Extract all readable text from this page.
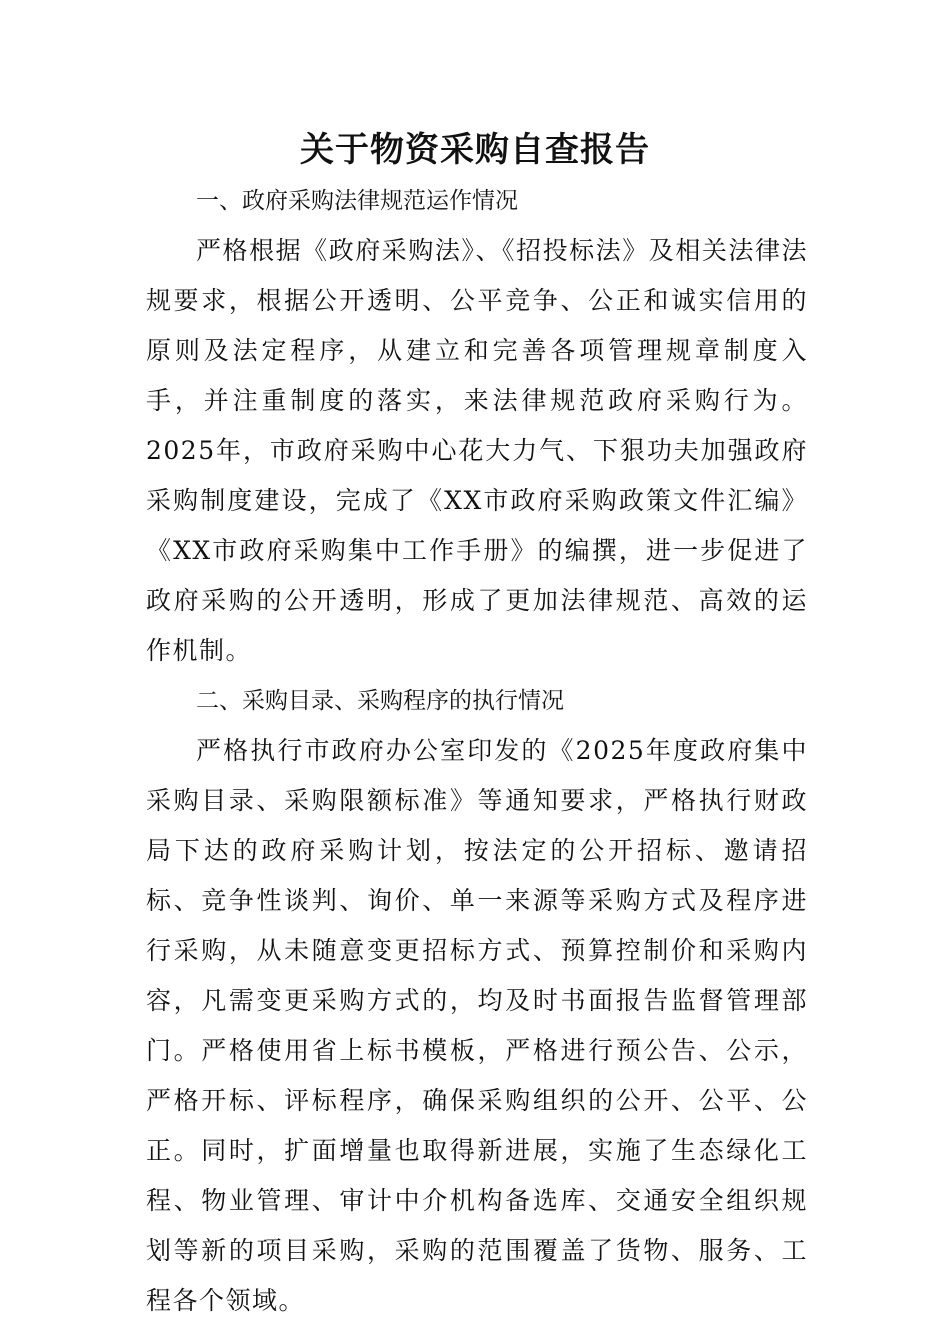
关于物资采购自查报告

一、政府采购法律规范运作情况

严格根据《政府采购法》、《招投标法》及相关法律法规要求，根据公开透明、公平竞争、公正和诚实信用的原则及法定程序，从建立和完善各项管理规章制度入手，并注重制度的落实，来法律规范政府采购行为。2025年，市政府采购中心花大力气、下狠功夫加强政府采购制度建设，完成了《XX市政府采购政策文件汇编》《XX市政府采购集中工作手册》的编撰，进一步促进了政府采购的公开透明，形成了更加法律规范、高效的运作机制。

二、采购目录、采购程序的执行情况

严格执行市政府办公室印发的《2025年度政府集中采购目录、采购限额标准》等通知要求，严格执行财政局下达的政府采购计划，按法定的公开招标、邀请招标、竞争性谈判、询价、单一来源等采购方式及程序进行采购，从未随意变更招标方式、预算控制价和采购内容，凡需变更采购方式的，均及时书面报告监督管理部门。严格使用省上标书模板，严格进行预公告、公示，严格开标、评标程序，确保采购组织的公开、公平、公正。同时，扩面增量也取得新进展，实施了生态绿化工程、物业管理、审计中介机构备选库、交通安全组织规划等新的项目采购，采购的范围覆盖了货物、服务、工程各个领域。
